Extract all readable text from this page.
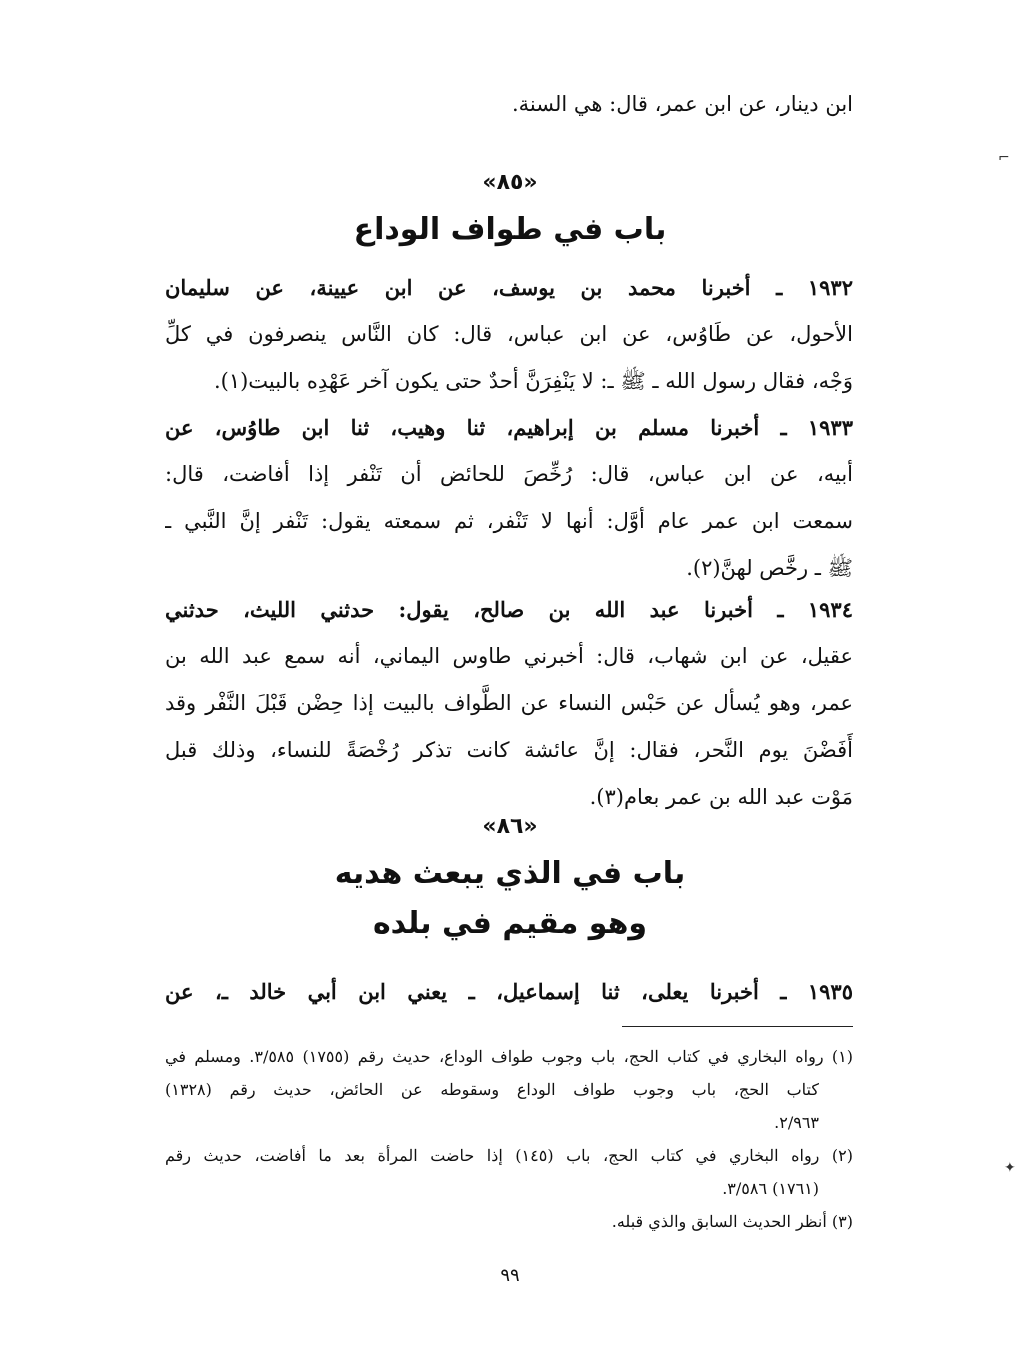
ابن دينار، عن ابن عمر، قال: هي السنة.
«٨٥»
باب في طواف الوداع
١٩٣٢ ـ أخبرنا محمد بن يوسف، عن ابن عيينة، عن سليمان
الأحول، عن طَاوُس، عن ابن عباس، قال: كان النَّاس ينصرفون في كلِّ
وَجْه، فقال رسول الله ـ ﷺ ـ: لا يَنْفِرَنَّ أحدٌ حتى يكون آخر عَهْدِه بالبيت(١).
١٩٣٣ ـ أخبرنا مسلم بن إبراهيم، ثنا وهيب، ثنا ابن طاوُس، عن
أبيه، عن ابن عباس، قال: رُخِّصَ للحائض أن تَنْفر إذا أفاضت، قال:
سمعت ابن عمر عام أوَّل: أنها لا تَنْفر، ثم سمعته يقول: تَنْفر إنَّ النَّبي ـ
ﷺ ـ رخَّص لهنَّ(٢).
١٩٣٤ ـ أخبرنا عبد الله بن صالح، يقول: حدثني الليث، حدثني
عقيل، عن ابن شهاب، قال: أخبرني طاوس اليماني، أنه سمع عبد الله بن
عمر، وهو يُسأل عن حَبْس النساء عن الطَّواف بالبيت إذا حِضْن قَبْلَ النَّفْر وقد
أَفَضْنَ يوم النَّحر، فقال: إنَّ عائشة كانت تذكر رُخْصَةً للنساء، وذلك قبل
مَوْت عبد الله بن عمر بعام(٣).
«٨٦»
باب في الذي يبعث هديه
وهو مقيم في بلده
١٩٣٥ ـ أخبرنا يعلى، ثنا إسماعيل، ـ يعني ابن أبي خالد ـ، عن
(١) رواه البخاري في كتاب الحج، باب وجوب طواف الوداع، حديث رقم (١٧٥٥) ٣/٥٨٥. ومسلم في
كتاب الحج، باب وجوب طواف الوداع وسقوطه عن الحائض، حديث رقم (١٣٢٨)
٢/٩٦٣.
(٢) رواه البخاري في كتاب الحج، باب (١٤٥) إذا حاضت المرأة بعد ما أفاضت، حديث رقم
(١٧٦١) ٣/٥٨٦.
(٣) أنظر الحديث السابق والذي قبله.
٩٩
⌐
✦
